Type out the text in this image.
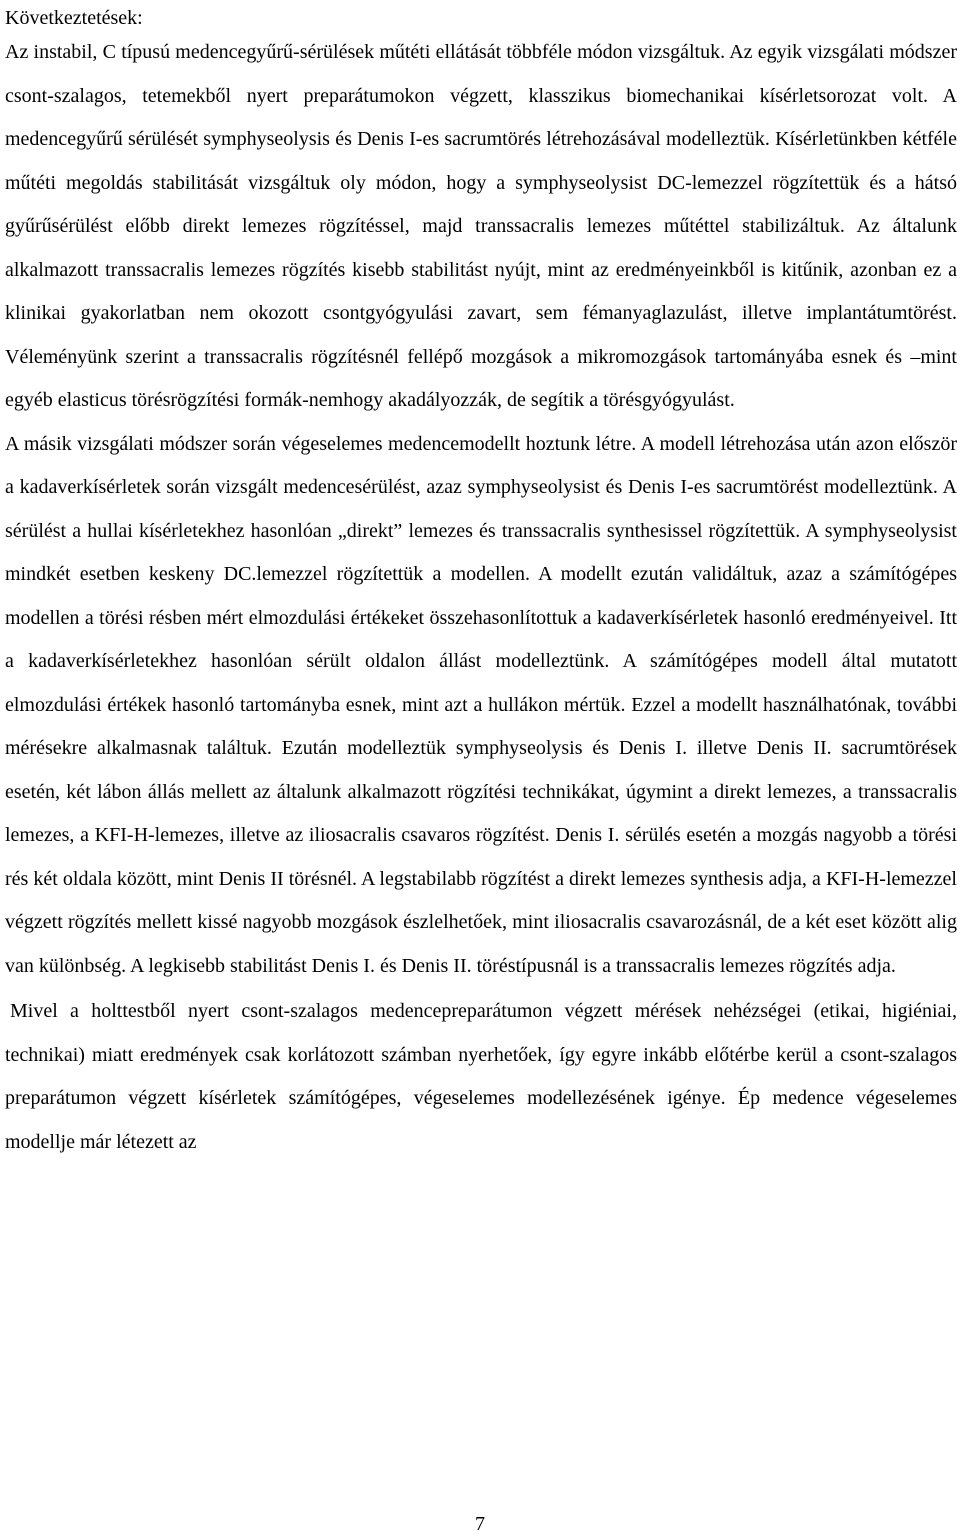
Következtetések:

Az instabil, C típusú medencegyűrű-sérülések műtéti ellátását többféle módon vizsgáltuk. Az egyik vizsgálati módszer csont-szalagos, tetemekből nyert preparátumokon végzett, klasszikus biomechanikai kísérletsorozat volt. A medencegyűrű sérülését symphyseolysis és Denis I-es sacrumtörés létrehozásával modelleztük. Kísérletünkben kétféle műtéti megoldás stabilitását vizsgáltuk oly módon, hogy a symphyseolysist DC-lemezzel rögzítettük és a hátsó gyűrűsérülést előbb direkt lemezes rögzítéssel, majd transsacralis lemezes műtéttel stabilizáltuk. Az általunk alkalmazott transsacralis lemezes rögzítés kisebb stabilitást nyújt, mint az eredményeinkből is kitűnik, azonban ez a klinikai gyakorlatban nem okozott csontgyógyulási zavart, sem fémanyaglazulást, illetve implantátumtörést. Véleményünk szerint a transsacralis rögzítésnél fellépő mozgások a mikromozgások tartományába esnek és –mint egyéb elasticus törésrögzítési formák-nemhogy akadályozzák, de segítik a törésgyógyulást.

A másik vizsgálati módszer során végeselemes medencemodellt hoztunk létre. A modell létrehozása után azon először a kadaverkísérletek során vizsgált medencesérülést, azaz symphyseolysist és Denis I-es sacrumtörést modelleztünk. A sérülést a hullai kísérletekhez hasonlóan „direkt” lemezes és transsacralis synthesissel rögzítettük. A symphyseolysist mindkét esetben keskeny DC.lemezzel rögzítettük a modellen. A modellt ezután validáltuk, azaz a számítógépes modellen a törési résben mért elmozdulási értékeket összehasonlítottuk a kadaverkísérletek hasonló eredményeivel. Itt a kadaverkísérletekhez hasonlóan sérült oldalon állást modelleztünk. A számítógépes modell által mutatott elmozdulási értékek hasonló tartományba esnek, mint azt a hullákon mértük. Ezzel a modellt használhatónak, további mérésekre alkalmasnak találtuk. Ezután modelleztük symphyseolysis és Denis I. illetve Denis II. sacrumtörések esetén, két lábon állás mellett az általunk alkalmazott rögzítési technikákat, úgymint a direkt lemezes, a transsacralis lemezes, a KFI-H-lemezes, illetve az iliosacralis csavaros rögzítést. Denis I. sérülés esetén a mozgás nagyobb a törési rés két oldala között, mint Denis II törésnél. A legstabilabb rögzítést a direkt lemezes synthesis adja, a KFI-H-lemezzel végzett rögzítés mellett kissé nagyobb mozgások észlelhetőek, mint iliosacralis csavarozásnál, de a két eset között alig van különbség. A legkisebb stabilitást Denis I. és Denis II. töréstípusnál is a transsacralis lemezes rögzítés adja.

Mivel a holttestből nyert csont-szalagos medencepreparátumon végzett mérések nehézségei (etikai, higiéniai, technikai) miatt eredmények csak korlátozott számban nyerhetőek, így egyre inkább előtérbe kerül a csont-szalagos preparátumon végzett kísérletek számítógépes, végeselemes modellezésének igénye. Ép medence végeselemes modellje már létezett az

7
